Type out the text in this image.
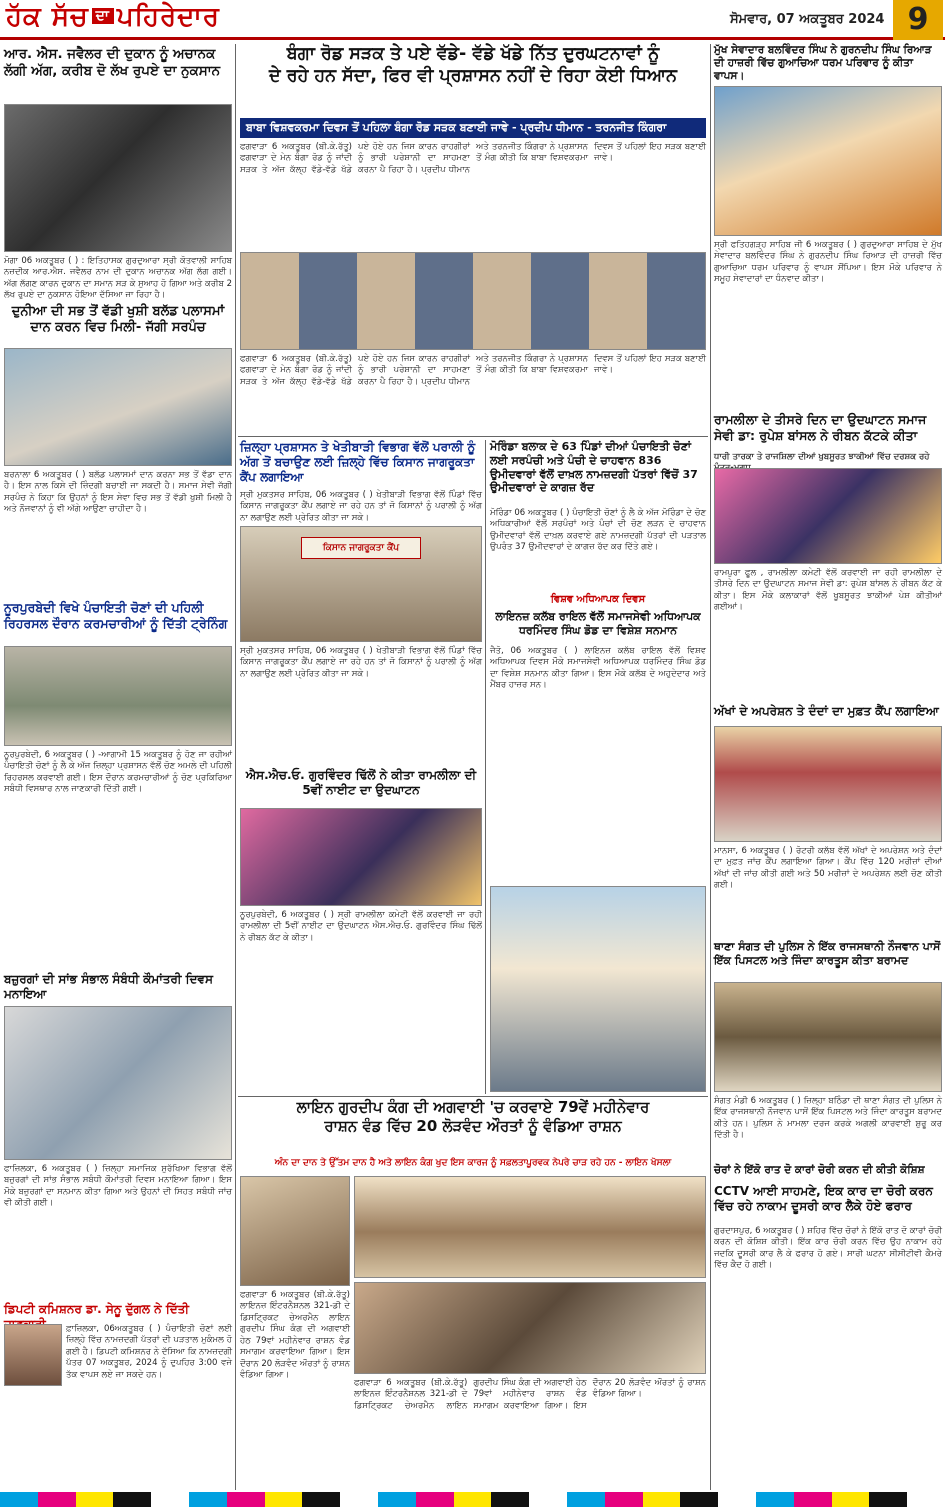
ਹੱਕ ਸੱਚ ਦਾ ਪਹਿਰੇਦਾਰ	ਸੋਮਵਾਰ, 07 ਅਕਤੂਬਰ 2024 9
ਆਰ. ਐਸ. ਜਵੈਲਰ ਦੀ ਦੁਕਾਨ ਨੂੰ ਅਚਾਨਕ ਲੱਗੀ ਅੱਗ, ਕਰੀਬ ਦੋ ਲੱਖ ਰੁਪਏ ਦਾ ਨੁਕਸਾਨ
ਮੋਗਾ 06 ਅਕਤੂਬਰ ( ) : ਇਤਿਹਾਸਕ ਗੁਰਦੁਆਰਾ ਸ੍ਰੀ ਕੋਤਵਾਲੀ ਸਾਹਿਬ ਨਜ਼ਦੀਕ ਆਰ.ਐਸ. ਜਵੈਲਰ ਨਾਮ ਦੀ ਦੁਕਾਨ ਅਚਾਨਕ ਅੱਗ ਲੱਗ ਗਈ। ਅੱਗ ਲੱਗਣ ਕਾਰਨ ਦੁਕਾਨ ਦਾ ਸਮਾਨ ਸੜ ਕੇ ਸੁਆਹ ਹੋ ਗਿਆ ਅਤੇ ਕਰੀਬ 2 ਲੱਖ ਰੁਪਏ ਦਾ ਨੁਕਸਾਨ ਹੋਇਆ ਦੱਸਿਆ ਜਾ ਰਿਹਾ ਹੈ।
ਦੁਨੀਆ ਦੀ ਸਭ ਤੋਂ ਵੱਡੀ ਖੁਸ਼ੀ ਬਲੱਡ ਪਲਾਸਮਾਂ ਦਾਨ ਕਰਨ ਵਿਚ ਮਿਲੀ- ਜੱਗੀ ਸਰਪੰਚ
ਬਰਨਾਲਾ 6 ਅਕਤੂਬਰ ( ) ਬਲੱਡ ਪਲਾਸਮਾਂ ਦਾਨ ਕਰਨਾ ਸਭ ਤੋਂ ਵੱਡਾ ਦਾਨ ਹੈ। ਇਸ ਨਾਲ ਕਿਸੇ ਦੀ ਜ਼ਿੰਦਗੀ ਬਚਾਈ ਜਾ ਸਕਦੀ ਹੈ। ਸਮਾਜ ਸੇਵੀ ਜੱਗੀ ਸਰਪੰਚ ਨੇ ਕਿਹਾ ਕਿ ਉਹਨਾਂ ਨੂੰ ਇਸ ਸੇਵਾ ਵਿਚ ਸਭ ਤੋਂ ਵੱਡੀ ਖੁਸ਼ੀ ਮਿਲੀ ਹੈ ਅਤੇ ਨੌਜਵਾਨਾਂ ਨੂੰ ਵੀ ਅੱਗੇ ਆਉਣਾ ਚਾਹੀਦਾ ਹੈ।
ਨੂਰਪੁਰਬੇਦੀ ਵਿਖੇ ਪੰਚਾਇਤੀ ਚੋਣਾਂ ਦੀ ਪਹਿਲੀ ਰਿਹਰਸਲ ਦੌਰਾਨ ਕਰਮਚਾਰੀਆਂ ਨੂੰ ਦਿੱਤੀ ਟ੍ਰੇਨਿੰਗ
ਨੂਰਪੁਰਬੇਦੀ, 6 ਅਕਤੂਬਰ ( ) -ਆਗਾਮੀ 15 ਅਕਤੂਬਰ ਨੂੰ ਹੋਣ ਜਾ ਰਹੀਆਂ ਪੰਚਾਇਤੀ ਚੋਣਾਂ ਨੂੰ ਲੈ ਕੇ ਅੱਜ ਜ਼ਿਲ੍ਹਾ ਪ੍ਰਸ਼ਾਸਨ ਵੱਲੋਂ ਚੋਣ ਅਮਲੇ ਦੀ ਪਹਿਲੀ ਰਿਹਰਸਲ ਕਰਵਾਈ ਗਈ। ਇਸ ਦੌਰਾਨ ਕਰਮਚਾਰੀਆਂ ਨੂੰ ਚੋਣ ਪ੍ਰਕਿਰਿਆ ਸਬੰਧੀ ਵਿਸਥਾਰ ਨਾਲ ਜਾਣਕਾਰੀ ਦਿੱਤੀ ਗਈ।
ਬਜ਼ੁਰਗਾਂ ਦੀ ਸਾਂਭ ਸੰਭਾਲ ਸੰਬੰਧੀ ਕੌਮਾਂਤਰੀ ਦਿਵਸ ਮਨਾਇਆ
ਫਾਜ਼ਿਲਕਾ, 6 ਅਕਤੂਬਰ ( ) ਜ਼ਿਲ੍ਹਾ ਸਮਾਜਿਕ ਸੁਰੱਖਿਆ ਵਿਭਾਗ ਵੱਲੋਂ ਬਜ਼ੁਰਗਾਂ ਦੀ ਸਾਂਭ ਸੰਭਾਲ ਸਬੰਧੀ ਕੌਮਾਂਤਰੀ ਦਿਵਸ ਮਨਾਇਆ ਗਿਆ। ਇਸ ਮੌਕੇ ਬਜ਼ੁਰਗਾਂ ਦਾ ਸਨਮਾਨ ਕੀਤਾ ਗਿਆ ਅਤੇ ਉਹਨਾਂ ਦੀ ਸਿਹਤ ਸਬੰਧੀ ਜਾਂਚ ਵੀ ਕੀਤੀ ਗਈ।
ਡਿਪਟੀ ਕਮਿਸ਼ਨਰ ਡਾ. ਸੇਨੂ ਦੁੱਗਲ ਨੇ ਦਿੱਤੀ
ਫ਼ਾਜ਼ਿਲਕਾ, 06ਅਕਤੂਬਰ ( ) ਪੰਚਾਇਤੀ ਚੋਣਾਂ ਲਈ ਜ਼ਿਲ੍ਹੇ ਵਿੱਚ ਨਾਮਜ਼ਦਗੀ ਪੱਤਰਾਂ ਦੀ ਪੜਤਾਲ ਮੁਕੰਮਲ ਹੋ ਗਈ ਹੈ। ਡਿਪਟੀ ਕਮਿਸ਼ਨਰ ਨੇ ਦੱਸਿਆ ਕਿ ਨਾਮਜ਼ਦਗੀ ਪੱਤਰ 07 ਅਕਤੂਬਰ, 2024 ਨੂੰ ਦੁਪਹਿਰ 3:00 ਵਜੇ ਤੱਕ ਵਾਪਸ ਲਏ ਜਾ ਸਕਦੇ ਹਨ।
ਬੰਗਾ ਰੋਡ ਸੜਕ ਤੇ ਪਏ ਵੱਡੇ- ਵੱਡੇ ਖੱਡੇ ਨਿੱਤ ਦੁਰਘਟਨਾਵਾਂ ਨੂੰ
ਦੇ ਰਹੇ ਹਨ ਸੱਦਾ, ਫਿਰ ਵੀ ਪ੍ਰਸ਼ਾਸਨ ਨਹੀਂ ਦੇ ਰਿਹਾ ਕੋਈ ਧਿਆਨ
ਬਾਬਾ ਵਿਸ਼ਵਕਰਮਾ ਦਿਵਸ ਤੋਂ ਪਹਿਲਾ ਬੰਗਾ ਰੋਡ ਸੜਕ ਬਣਾਈ ਜਾਵੇ - ਪ੍ਰਦੀਪ ਧੀਮਾਨ - ਤਰਨਜੀਤ ਕਿੰਗਰਾ
ਫਗਵਾੜਾ 6 ਅਕਤੂਬਰ (ਬੀ.ਕੇ.ਰੱਤੂ) ਫਗਵਾੜਾ ਦੇ ਮੇਨ ਬੰਗਾ ਰੋਡ ਨੂੰ ਜਾਂਦੀ ਸੜਕ ਤੇ ਅੱਜ ਕੱਲ੍ਹ ਵੱਡੇ-ਵੱਡੇ ਖੱਡੇ ਪਏ ਹੋਏ ਹਨ ਜਿਸ ਕਾਰਨ ਰਾਹਗੀਰਾਂ ਨੂੰ ਭਾਰੀ ਪਰੇਸ਼ਾਨੀ ਦਾ ਸਾਹਮਣਾ ਕਰਨਾ ਪੈ ਰਿਹਾ ਹੈ। ਪ੍ਰਦੀਪ ਧੀਮਾਨ ਅਤੇ ਤਰਨਜੀਤ ਕਿੰਗਰਾ ਨੇ ਪ੍ਰਸ਼ਾਸਨ ਤੋਂ ਮੰਗ ਕੀਤੀ ਕਿ ਬਾਬਾ ਵਿਸ਼ਵਕਰਮਾ ਦਿਵਸ ਤੋਂ ਪਹਿਲਾਂ ਇਹ ਸੜਕ ਬਣਾਈ ਜਾਵੇ।
ਫਗਵਾੜਾ 6 ਅਕਤੂਬਰ (ਬੀ.ਕੇ.ਰੱਤੂ) ਫਗਵਾੜਾ ਦੇ ਮੇਨ ਬੰਗਾ ਰੋਡ ਨੂੰ ਜਾਂਦੀ ਸੜਕ ਤੇ ਅੱਜ ਕੱਲ੍ਹ ਵੱਡੇ-ਵੱਡੇ ਖੱਡੇ ਪਏ ਹੋਏ ਹਨ ਜਿਸ ਕਾਰਨ ਰਾਹਗੀਰਾਂ ਨੂੰ ਭਾਰੀ ਪਰੇਸ਼ਾਨੀ ਦਾ ਸਾਹਮਣਾ ਕਰਨਾ ਪੈ ਰਿਹਾ ਹੈ। ਪ੍ਰਦੀਪ ਧੀਮਾਨ ਅਤੇ ਤਰਨਜੀਤ ਕਿੰਗਰਾ ਨੇ ਪ੍ਰਸ਼ਾਸਨ ਤੋਂ ਮੰਗ ਕੀਤੀ ਕਿ ਬਾਬਾ ਵਿਸ਼ਵਕਰਮਾ ਦਿਵਸ ਤੋਂ ਪਹਿਲਾਂ ਇਹ ਸੜਕ ਬਣਾਈ ਜਾਵੇ।
ਜ਼ਿਲ੍ਹਾ ਪ੍ਰਸ਼ਾਸਨ ਤੇ ਖੇਤੀਬਾੜੀ ਵਿਭਾਗ ਵੱਲੋਂ ਪਰਾਲੀ ਨੂੰ ਅੱਗ ਤੋਂ ਬਚਾਉਣ ਲਈ ਜ਼ਿਲ੍ਹੇ ਵਿੱਚ ਕਿਸਾਨ ਜਾਗਰੂਕਤਾ ਕੈਂਪ ਲਗਾਇਆ
ਸ੍ਰੀ ਮੁਕਤਸਰ ਸਾਹਿਬ, 06 ਅਕਤੂਬਰ ( ) ਖੇਤੀਬਾੜੀ ਵਿਭਾਗ ਵੱਲੋਂ ਪਿੰਡਾਂ ਵਿੱਚ ਕਿਸਾਨ ਜਾਗਰੂਕਤਾ ਕੈਂਪ ਲਗਾਏ ਜਾ ਰਹੇ ਹਨ ਤਾਂ ਜੋ ਕਿਸਾਨਾਂ ਨੂੰ ਪਰਾਲੀ ਨੂੰ ਅੱਗ ਨਾ ਲਗਾਉਣ ਲਈ ਪ੍ਰੇਰਿਤ ਕੀਤਾ ਜਾ ਸਕੇ।
ਕਿਸਾਨ ਜਾਗਰੂਕਤਾ ਕੈਂਪ
ਸ੍ਰੀ ਮੁਕਤਸਰ ਸਾਹਿਬ, 06 ਅਕਤੂਬਰ ( ) ਖੇਤੀਬਾੜੀ ਵਿਭਾਗ ਵੱਲੋਂ ਪਿੰਡਾਂ ਵਿੱਚ ਕਿਸਾਨ ਜਾਗਰੂਕਤਾ ਕੈਂਪ ਲਗਾਏ ਜਾ ਰਹੇ ਹਨ ਤਾਂ ਜੋ ਕਿਸਾਨਾਂ ਨੂੰ ਪਰਾਲੀ ਨੂੰ ਅੱਗ ਨਾ ਲਗਾਉਣ ਲਈ ਪ੍ਰੇਰਿਤ ਕੀਤਾ ਜਾ ਸਕੇ।
ਐਸ.ਐਚ.ਓ. ਗੁਰਵਿੰਦਰ ਢਿੱਲੋਂ ਨੇ ਕੀਤਾ ਰਾਮਲੀਲਾ ਦੀ 5ਵੀਂ ਨਾਈਟ ਦਾ ਉਦਘਾਟਨ
ਨੂਰਪੁਰਬੇਦੀ, 6 ਅਕਤੂਬਰ ( ) ਸ੍ਰੀ ਰਾਮਲੀਲਾ ਕਮੇਟੀ ਵੱਲੋਂ ਕਰਵਾਈ ਜਾ ਰਹੀ ਰਾਮਲੀਲਾ ਦੀ 5ਵੀਂ ਨਾਈਟ ਦਾ ਉਦਘਾਟਨ ਐਸ.ਐਚ.ਓ. ਗੁਰਵਿੰਦਰ ਸਿੰਘ ਢਿੱਲੋਂ ਨੇ ਰੀਬਨ ਕੱਟ ਕੇ ਕੀਤਾ।
ਮੋਰਿੰਡਾ ਬਲਾਕ ਦੇ 63 ਪਿੰਡਾਂ ਦੀਆਂ ਪੰਚਾਇਤੀ ਚੋਣਾਂ ਲਈ ਸਰਪੰਚੀ ਅਤੇ ਪੰਚੀ ਦੇ ਚਾਹਵਾਨ 836 ਉਮੀਦਵਾਰਾਂ ਵੱਲੋਂ ਦਾਖ਼ਲ ਨਾਮਜ਼ਦਗੀ ਪੱਤਰਾਂ ਵਿੱਚੋਂ 37 ਉਮੀਦਵਾਰਾਂ ਦੇ ਕਾਗਜ਼ ਰੱਦ
ਮੋਰਿੰਡਾ 06 ਅਕਤੂਬਰ ( ) ਪੰਚਾਇਤੀ ਚੋਣਾਂ ਨੂੰ ਲੈ ਕੇ ਅੱਜ ਮੋਰਿੰਡਾ ਦੇ ਚੋਣ ਅਧਿਕਾਰੀਆਂ ਵੱਲੋਂ ਸਰਪੰਚਾਂ ਅਤੇ ਪੰਚਾਂ ਦੀ ਚੋਣ ਲੜਨ ਦੇ ਚਾਹਵਾਨ ਉਮੀਦਵਾਰਾਂ ਵੱਲੋਂ ਦਾਖ਼ਲ ਕਰਵਾਏ ਗਏ ਨਾਮਜ਼ਦਗੀ ਪੱਤਰਾਂ ਦੀ ਪੜਤਾਲ ਉਪਰੰਤ 37 ਉਮੀਦਵਾਰਾਂ ਦੇ ਕਾਗਜ਼ ਰੱਦ ਕਰ ਦਿੱਤੇ ਗਏ।
ਵਿਸ਼ਵ ਅਧਿਆਪਕ ਦਿਵਸ
ਲਾਇਨਜ਼ ਕਲੱਬ ਰਾਇਲ ਵੱਲੋਂ ਸਮਾਜਸੇਵੀ ਅਧਿਆਪਕ ਧਰਮਿੰਦਰ ਸਿੰਘ ਡੋਡ ਦਾ ਵਿਸ਼ੇਸ਼ ਸਨਮਾਨ
ਜੈਤੋ, 06 ਅਕਤੂਬਰ ( ) ਲਾਇਨਜ਼ ਕਲੱਬ ਰਾਇਲ ਵੱਲੋਂ ਵਿਸ਼ਵ ਅਧਿਆਪਕ ਦਿਵਸ ਮੌਕੇ ਸਮਾਜਸੇਵੀ ਅਧਿਆਪਕ ਧਰਮਿੰਦਰ ਸਿੰਘ ਡੋਡ ਦਾ ਵਿਸ਼ੇਸ਼ ਸਨਮਾਨ ਕੀਤਾ ਗਿਆ। ਇਸ ਮੌਕੇ ਕਲੱਬ ਦੇ ਅਹੁਦੇਦਾਰ ਅਤੇ ਮੈਂਬਰ ਹਾਜ਼ਰ ਸਨ।
ਲਾਇਨ ਗੁਰਦੀਪ ਕੰਗ ਦੀ ਅਗਵਾਈ 'ਚ ਕਰਵਾਏ 79ਵੇਂ ਮਹੀਨੇਵਾਰ
ਰਾਸ਼ਨ ਵੰਡ ਵਿੱਚ 20 ਲੋੜਵੰਦ ਔਰਤਾਂ ਨੂੰ ਵੰਡਿਆ ਰਾਸ਼ਨ
ਅੰਨ ਦਾ ਦਾਨ ਤੇ ਉੱਤਮ ਦਾਨ ਹੈ ਅਤੇ ਲਾਇਨ ਕੰਗ ਖੁਦ ਇਸ ਕਾਰਜ ਨੂੰ ਸਫ਼ਲਤਾਪੂਰਵਕ ਨੇਪਰੇ ਚਾੜ ਰਹੇ ਹਨ - ਲਾਇਨ ਖੋਸਲਾ
ਫਗਵਾੜਾ 6 ਅਕਤੂਬਰ (ਬੀ.ਕੇ.ਰੱਤੂ) ਲਾਇਨਜ਼ ਇੰਟਰਨੈਸ਼ਨਲ 321-ਡੀ ਦੇ ਡਿਸਟ੍ਰਿਕਟ ਚੇਅਰਮੈਨ ਲਾਇਨ ਗੁਰਦੀਪ ਸਿੰਘ ਕੰਗ ਦੀ ਅਗਵਾਈ ਹੇਠ 79ਵਾਂ ਮਹੀਨੇਵਾਰ ਰਾਸ਼ਨ ਵੰਡ ਸਮਾਗਮ ਕਰਵਾਇਆ ਗਿਆ। ਇਸ ਦੌਰਾਨ 20 ਲੋੜਵੰਦ ਔਰਤਾਂ ਨੂੰ ਰਾਸ਼ਨ ਵੰਡਿਆ ਗਿਆ।
ਫਗਵਾੜਾ 6 ਅਕਤੂਬਰ (ਬੀ.ਕੇ.ਰੱਤੂ) ਲਾਇਨਜ਼ ਇੰਟਰਨੈਸ਼ਨਲ 321-ਡੀ ਦੇ ਡਿਸਟ੍ਰਿਕਟ ਚੇਅਰਮੈਨ ਲਾਇਨ ਗੁਰਦੀਪ ਸਿੰਘ ਕੰਗ ਦੀ ਅਗਵਾਈ ਹੇਠ 79ਵਾਂ ਮਹੀਨੇਵਾਰ ਰਾਸ਼ਨ ਵੰਡ ਸਮਾਗਮ ਕਰਵਾਇਆ ਗਿਆ। ਇਸ ਦੌਰਾਨ 20 ਲੋੜਵੰਦ ਔਰਤਾਂ ਨੂੰ ਰਾਸ਼ਨ ਵੰਡਿਆ ਗਿਆ।
ਮੁੱਖ ਸੇਵਾਦਾਰ ਬਲਵਿੰਦਰ ਸਿੰਘ ਨੇ ਗੁਰਨਦੀਪ ਸਿੰਘ ਰਿਆੜ ਦੀ ਹਾਜ਼ਰੀ ਵਿੱਚ ਗੁਆਚਿਆ ਧਰਮ ਪਰਿਵਾਰ ਨੂੰ ਕੀਤਾ ਵਾਪਸ।
ਸ੍ਰੀ ਫਤਿਹਗੜ੍ਹ ਸਾਹਿਬ ਜੀ 6 ਅਕਤੂਬਰ ( ) ਗੁਰਦੁਆਰਾ ਸਾਹਿਬ ਦੇ ਮੁੱਖ ਸੇਵਾਦਾਰ ਬਲਵਿੰਦਰ ਸਿੰਘ ਨੇ ਗੁਰਨਦੀਪ ਸਿੰਘ ਰਿਆੜ ਦੀ ਹਾਜ਼ਰੀ ਵਿੱਚ ਗੁਆਚਿਆ ਧਰਮ ਪਰਿਵਾਰ ਨੂੰ ਵਾਪਸ ਸੌਂਪਿਆ। ਇਸ ਮੌਕੇ ਪਰਿਵਾਰ ਨੇ ਸਮੂਹ ਸੇਵਾਦਾਰਾਂ ਦਾ ਧੰਨਵਾਦ ਕੀਤਾ।
ਰਾਮਲੀਲਾ ਦੇ ਤੀਸਰੇ ਦਿਨ ਦਾ ਉਦਘਾਟਨ ਸਮਾਜ ਸੇਵੀ ਡਾ: ਰੁਪੇਸ਼ ਬਾਂਸਲ ਨੇ ਰੀਬਨ ਕੱਟਕੇ ਕੀਤਾ
ਧਾਰੀ ਤਾਰਕਾ ਤੇ ਰਾਜਸ਼ਿਲਾ ਦੀਆਂ ਖੁਬਸੂਰਤ ਝਾਕੀਆਂ ਵਿੱਚ ਦਰਸ਼ਕ ਰਹੇ
ਰਾਮਪੁਰਾ ਫੂਲ , ਰਾਮਲੀਲਾ ਕਮੇਟੀ ਵੱਲੋਂ ਕਰਵਾਈ ਜਾ ਰਹੀ ਰਾਮਲੀਲਾ ਦੇ ਤੀਸਰੇ ਦਿਨ ਦਾ ਉਦਘਾਟਨ ਸਮਾਜ ਸੇਵੀ ਡਾ: ਰੁਪੇਸ਼ ਬਾਂਸਲ ਨੇ ਰੀਬਨ ਕੱਟ ਕੇ ਕੀਤਾ। ਇਸ ਮੌਕੇ ਕਲਾਕਾਰਾਂ ਵੱਲੋਂ ਖੂਬਸੂਰਤ ਝਾਕੀਆਂ ਪੇਸ਼ ਕੀਤੀਆਂ ਗਈਆਂ।
ਅੱਖਾਂ ਦੇ ਅਪਰੇਸ਼ਨ ਤੇ ਦੰਦਾਂ ਦਾ ਮੁਫ਼ਤ ਕੈਂਪ ਲਗਾਇਆ
ਮਾਨਸਾ, 6 ਅਕਤੂਬਰ ( ) ਰੋਟਰੀ ਕਲੱਬ ਵੱਲੋਂ ਅੱਖਾਂ ਦੇ ਅਪਰੇਸ਼ਨ ਅਤੇ ਦੰਦਾਂ ਦਾ ਮੁਫ਼ਤ ਜਾਂਚ ਕੈਂਪ ਲਗਾਇਆ ਗਿਆ। ਕੈਂਪ ਵਿੱਚ 120 ਮਰੀਜ਼ਾਂ ਦੀਆਂ ਅੱਖਾਂ ਦੀ ਜਾਂਚ ਕੀਤੀ ਗਈ ਅਤੇ 50 ਮਰੀਜ਼ਾਂ ਦੇ ਅਪਰੇਸ਼ਨ ਲਈ ਚੋਣ ਕੀਤੀ ਗਈ।
ਥਾਣਾ ਸੰਗਤ ਦੀ ਪੁਲਿਸ ਨੇ ਇੱਕ ਰਾਜਸਥਾਨੀ ਨੌਜਵਾਨ ਪਾਸੋਂ ਇੱਕ ਪਿਸਟਲ ਅਤੇ ਜਿੰਦਾ ਕਾਰਤੂਸ ਕੀਤਾ ਬਰਾਮਦ
ਸੰਗਤ ਮੰਡੀ 6 ਅਕਤੂਬਰ ( ) ਜ਼ਿਲ੍ਹਾ ਬਠਿੰਡਾ ਦੀ ਥਾਣਾ ਸੰਗਤ ਦੀ ਪੁਲਿਸ ਨੇ ਇੱਕ ਰਾਜਸਥਾਨੀ ਨੌਜਵਾਨ ਪਾਸੋਂ ਇੱਕ ਪਿਸਟਲ ਅਤੇ ਜਿੰਦਾ ਕਾਰਤੂਸ ਬਰਾਮਦ ਕੀਤੇ ਹਨ। ਪੁਲਿਸ ਨੇ ਮਾਮਲਾ ਦਰਜ ਕਰਕੇ ਅਗਲੀ ਕਾਰਵਾਈ ਸ਼ੁਰੂ ਕਰ ਦਿੱਤੀ ਹੈ।
ਚੋਰਾਂ ਨੇ ਇੱਕੋ ਰਾਤ ਦੋ ਕਾਰਾਂ ਚੋਰੀ ਕਰਨ ਦੀ ਕੀਤੀ ਕੋਸ਼ਿਸ਼
CCTV ਆਈ ਸਾਹਮਣੇ, ਇਕ ਕਾਰ ਦਾ ਚੋਰੀ ਕਰਨ ਵਿੱਚ ਰਹੇ ਨਾਕਾਮ ਦੂਸਰੀ ਕਾਰ ਲੈਕੇ ਹੋਏ ਫਰਾਰ
ਗੁਰਦਾਸਪੁਰ, 6 ਅਕਤੂਬਰ ( ) ਸ਼ਹਿਰ ਵਿੱਚ ਚੋਰਾਂ ਨੇ ਇੱਕੋ ਰਾਤ ਦੋ ਕਾਰਾਂ ਚੋਰੀ ਕਰਨ ਦੀ ਕੋਸ਼ਿਸ਼ ਕੀਤੀ। ਇੱਕ ਕਾਰ ਚੋਰੀ ਕਰਨ ਵਿੱਚ ਉਹ ਨਾਕਾਮ ਰਹੇ ਜਦਕਿ ਦੂਸਰੀ ਕਾਰ ਲੈ ਕੇ ਫਰਾਰ ਹੋ ਗਏ। ਸਾਰੀ ਘਟਨਾ ਸੀਸੀਟੀਵੀ ਕੈਮਰੇ ਵਿੱਚ ਕੈਦ ਹੋ ਗਈ।
